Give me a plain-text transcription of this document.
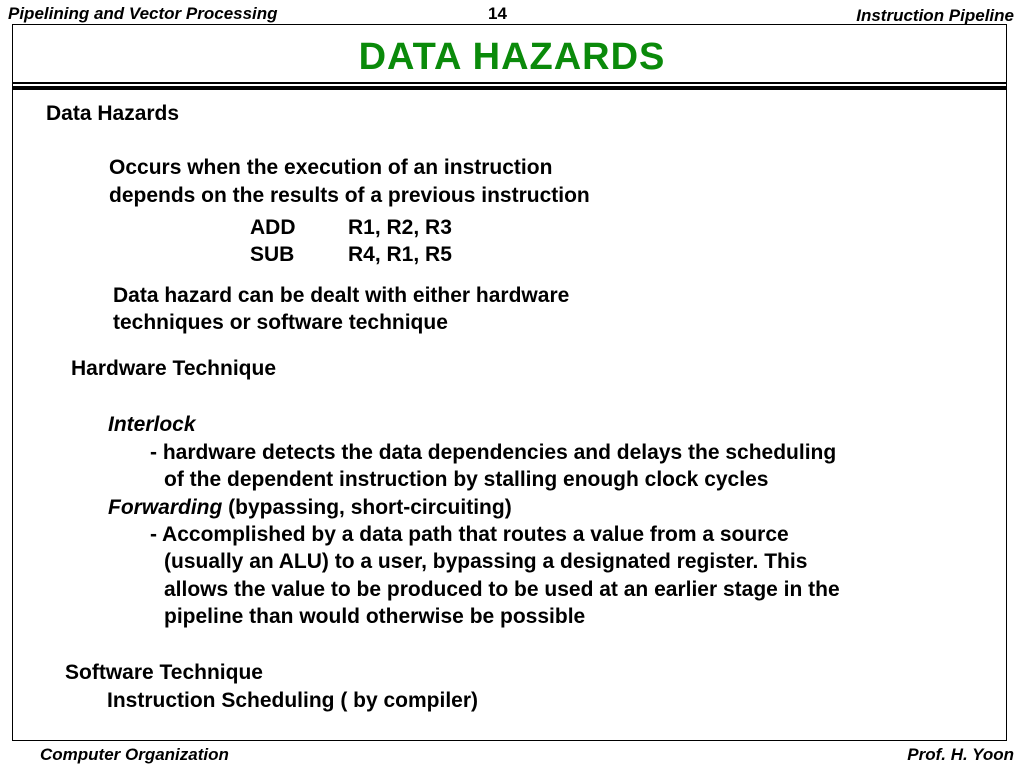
Pipelining and Vector Processing	14	Instruction Pipeline
DATA HAZARDS
Data Hazards
Occurs when the execution of an instruction
depends on the results of a previous instruction
ADD	R1, R2, R3
SUB	R4, R1, R5
Data hazard can be dealt with either hardware
techniques or software technique
Hardware Technique
Interlock
- hardware detects the data dependencies and delays the scheduling
of the dependent instruction by stalling enough clock cycles
Forwarding (bypassing, short-circuiting)
- Accomplished by a data path that routes a value from a source
(usually an ALU) to a user, bypassing a designated register. This
allows the value to be produced to be used at an earlier stage in the
pipeline than would otherwise be possible
Software Technique
Instruction Scheduling ( by compiler)
Computer Organization	Prof. H. Yoon
